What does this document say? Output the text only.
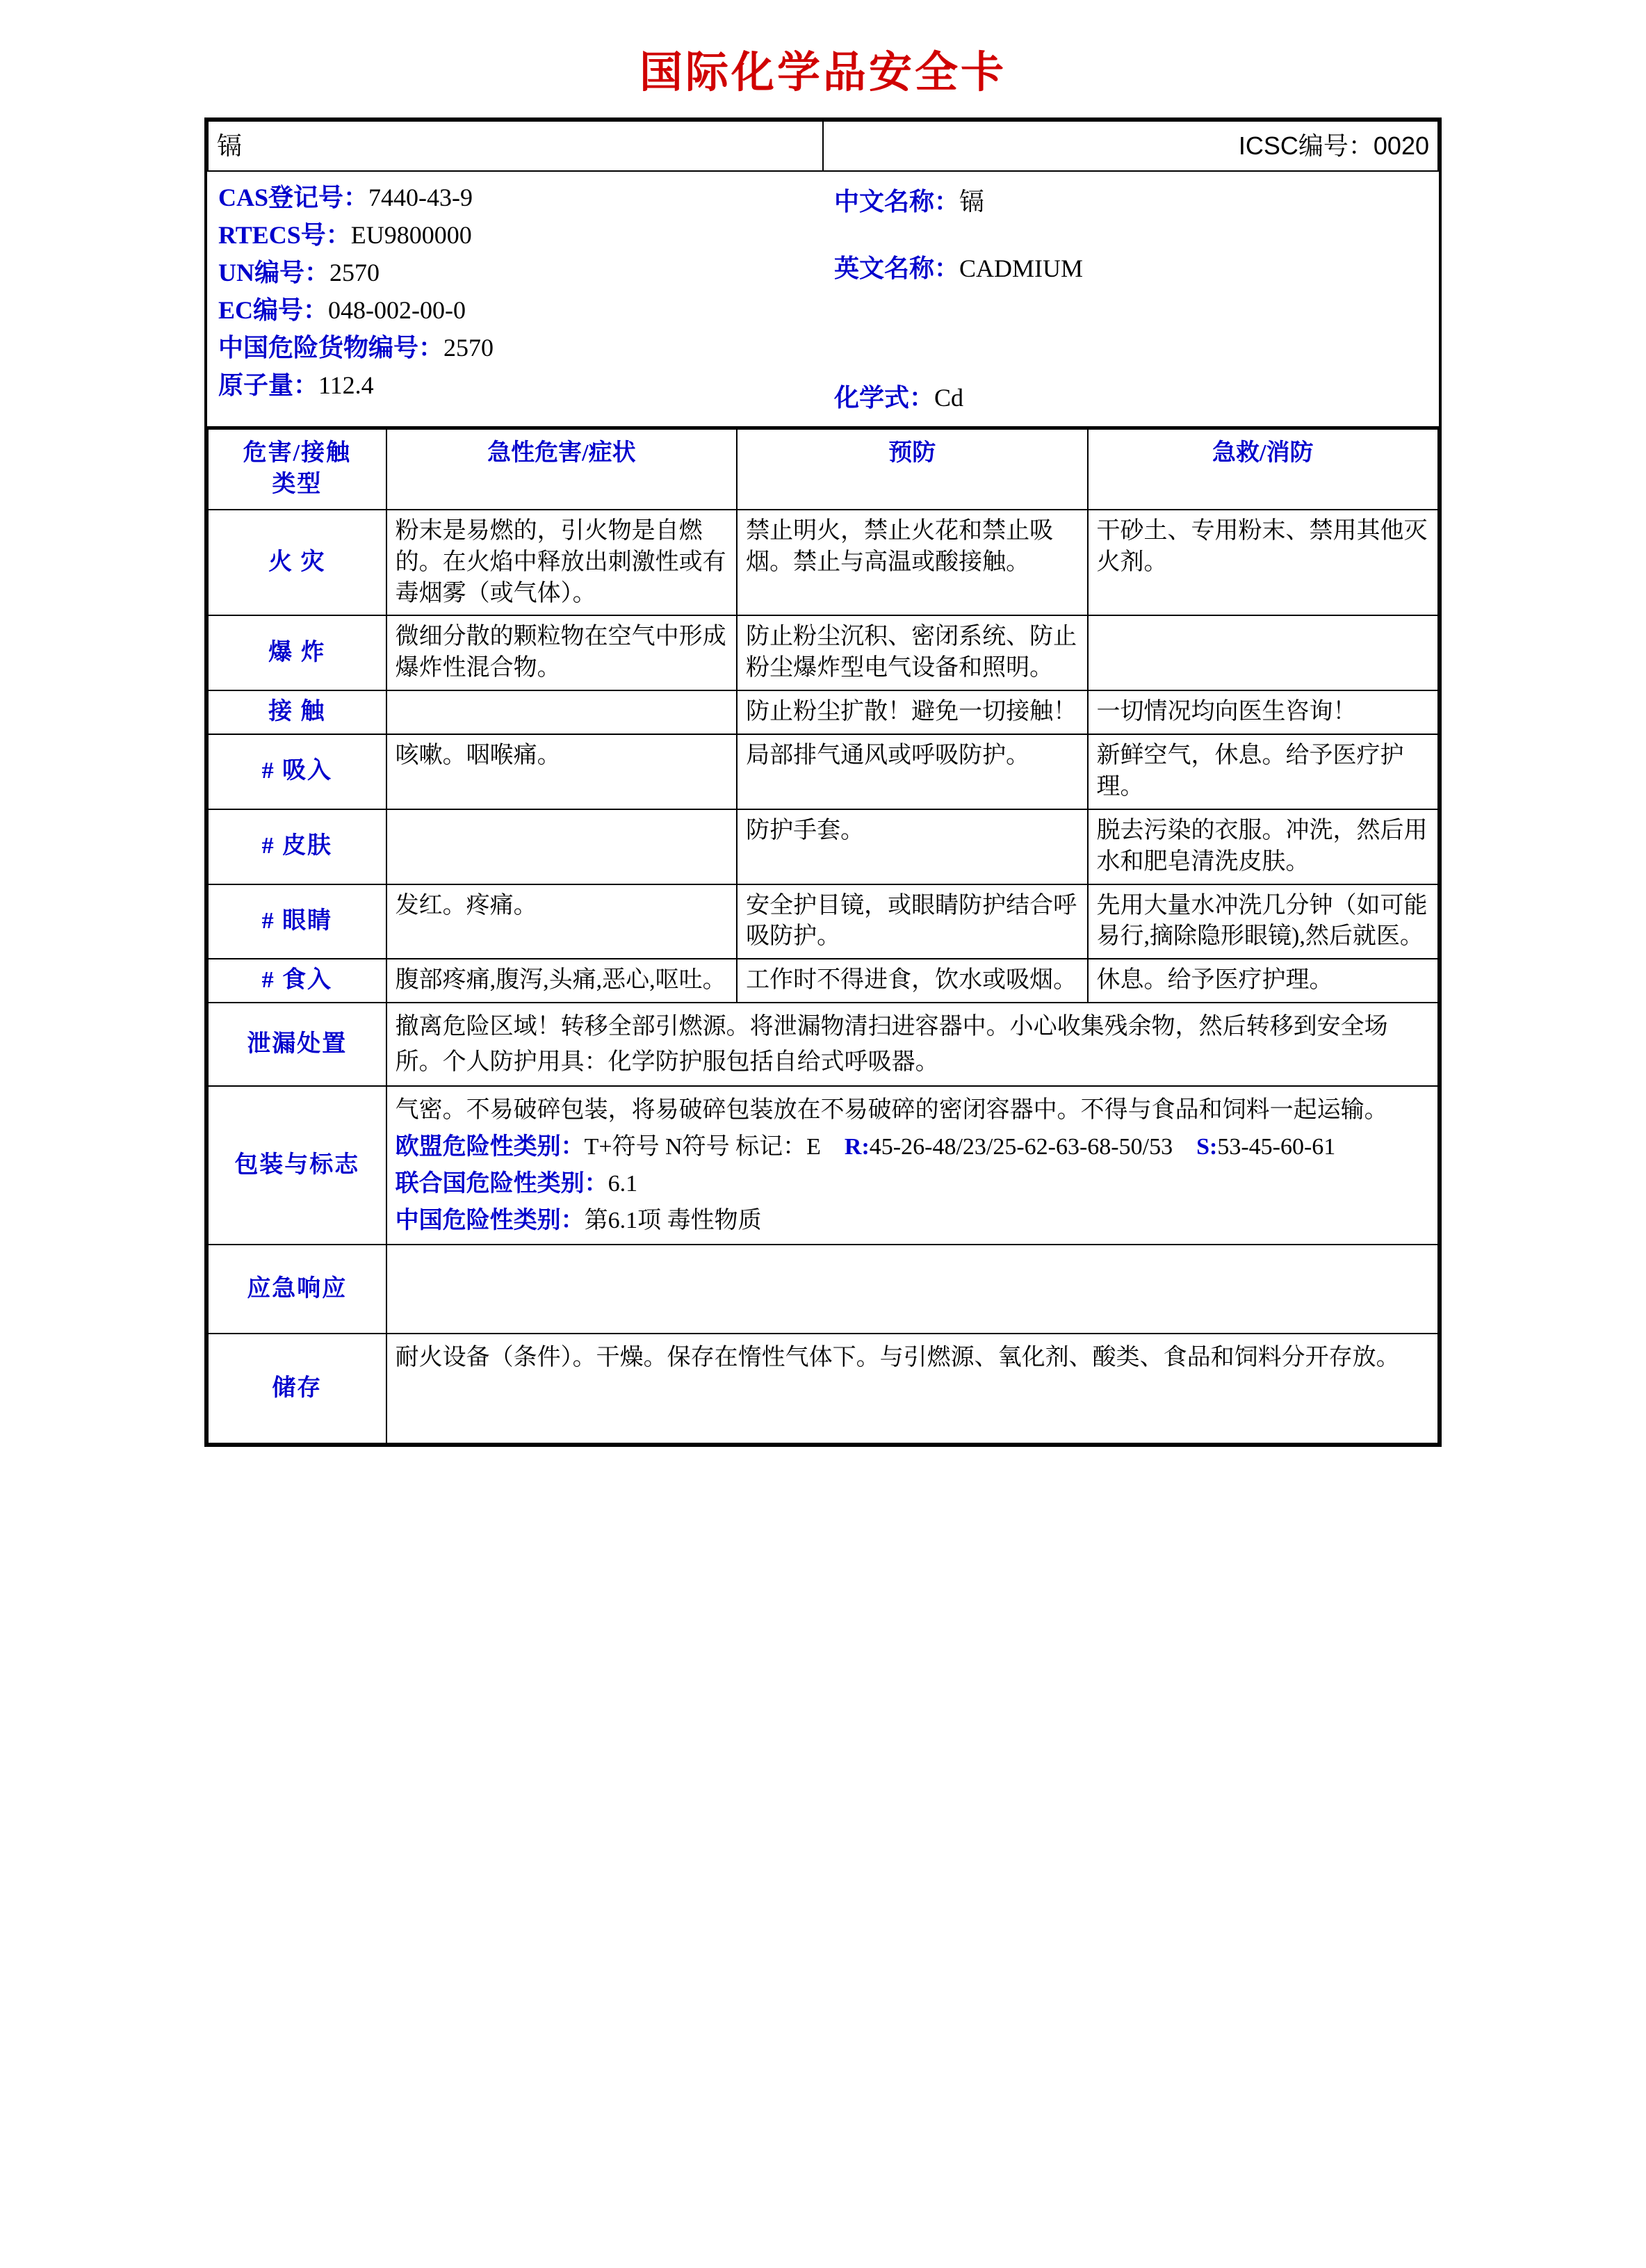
国际化学品安全卡
镉	ICSC编号：0020
CAS登记号：7440-43-9
RTECS号：EU9800000
UN编号：2570
EC编号：048-002-00-0
中国危险货物编号：2570
原子量：112.4

中文名称：镉
英文名称：CADMIUM
化学式：Cd
危害/接触
类型	急性危害/症状	预防	急救/消防
火 灾	粉末是易燃的，引火物是自燃的。在火焰中释放出刺激性或有毒烟雾（或气体）。	禁止明火，禁止火花和禁止吸烟。禁止与高温或酸接触。	干砂土、专用粉末、禁用其他灭火剂。
爆 炸	微细分散的颗粒物在空气中形成爆炸性混合物。	防止粉尘沉积、密闭系统、防止粉尘爆炸型电气设备和照明。	
接 触		防止粉尘扩散！避免一切接触！	一切情况均向医生咨询！
# 吸入	咳嗽。咽喉痛。	局部排气通风或呼吸防护。	新鲜空气，休息。给予医疗护理。
# 皮肤		防护手套。	脱去污染的衣服。冲洗，然后用水和肥皂清洗皮肤。
# 眼睛	发红。疼痛。	安全护目镜，或眼睛防护结合呼吸防护。	先用大量水冲洗几分钟（如可能易行,摘除隐形眼镜),然后就医。
# 食入	腹部疼痛,腹泻,头痛,恶心,呕吐。	工作时不得进食，饮水或吸烟。	休息。给予医疗护理。
泄漏处置	撤离危险区域！转移全部引燃源。将泄漏物清扫进容器中。小心收集残余物，然后转移到安全场所。个人防护用具：化学防护服包括自给式呼吸器。		
包装与标志	气密。不易破碎包装，将易破碎包装放在不易破碎的密闭容器中。不得与食品和饲料一起运输。
欧盟危险性类别：T+符号 N符号 标记：E R:45-26-48/23/25-62-63-68-50/53 S:53-45-60-61
联合国危险性类别：6.1
中国危险性类别：第6.1项 毒性物质		

应急响应			
储存	耐火设备（条件）。干燥。保存在惰性气体下。与引燃源、氧化剂、酸类、食品和饲料分开存放。		
